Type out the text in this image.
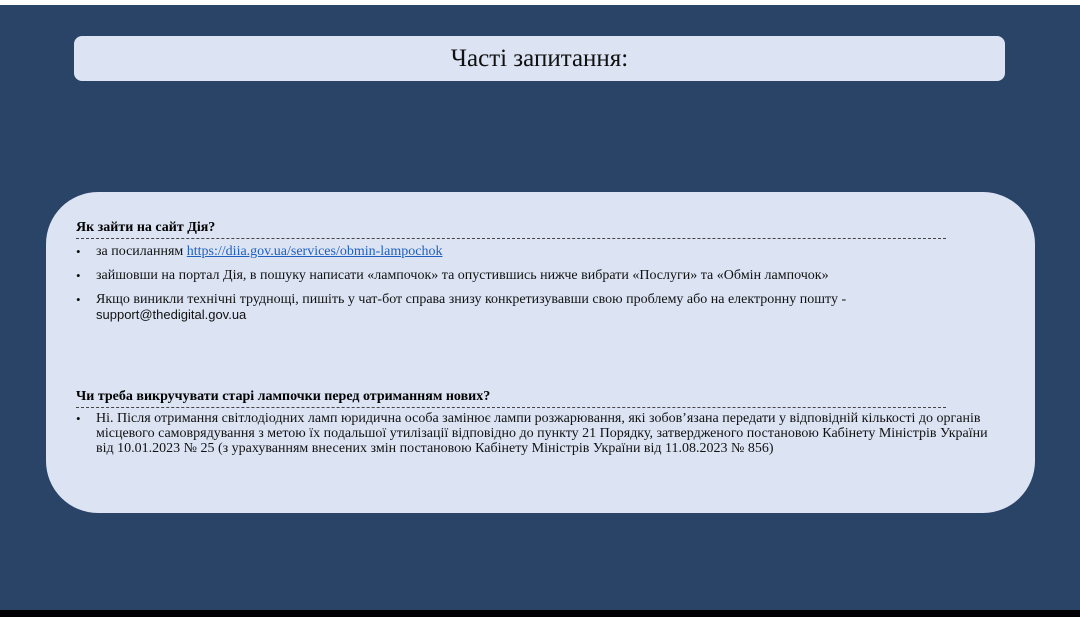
Часті запитання:
Як зайти на сайт Дія?
• за посиланням https://diia.gov.ua/services/obmin-lampochok
• зайшовши на портал Дія, в пошуку написати «лампочок» та опустившись нижче вибрати «Послуги» та «Обмін лампочок»
• Якщо виникли технічні труднощі, пишіть у чат-бот справа знизу конкретизувавши свою проблему або на електронну пошту -
support@thedigital.gov.ua
Чи треба викручувати старі лампочки перед отриманням нових?
• Ні. Після отримання світлодіодних ламп юридична особа замінює лампи розжарювання, які зобов’язана передати у відповідній кількості до органів місцевого самоврядування з метою їх подальшої утилізації відповідно до пункту 21 Порядку, затвердженого постановою Кабінету Міністрів України від 10.01.2023 № 25 (з урахуванням внесених змін постановою Кабінету Міністрів України від 11.08.2023 № 856)
